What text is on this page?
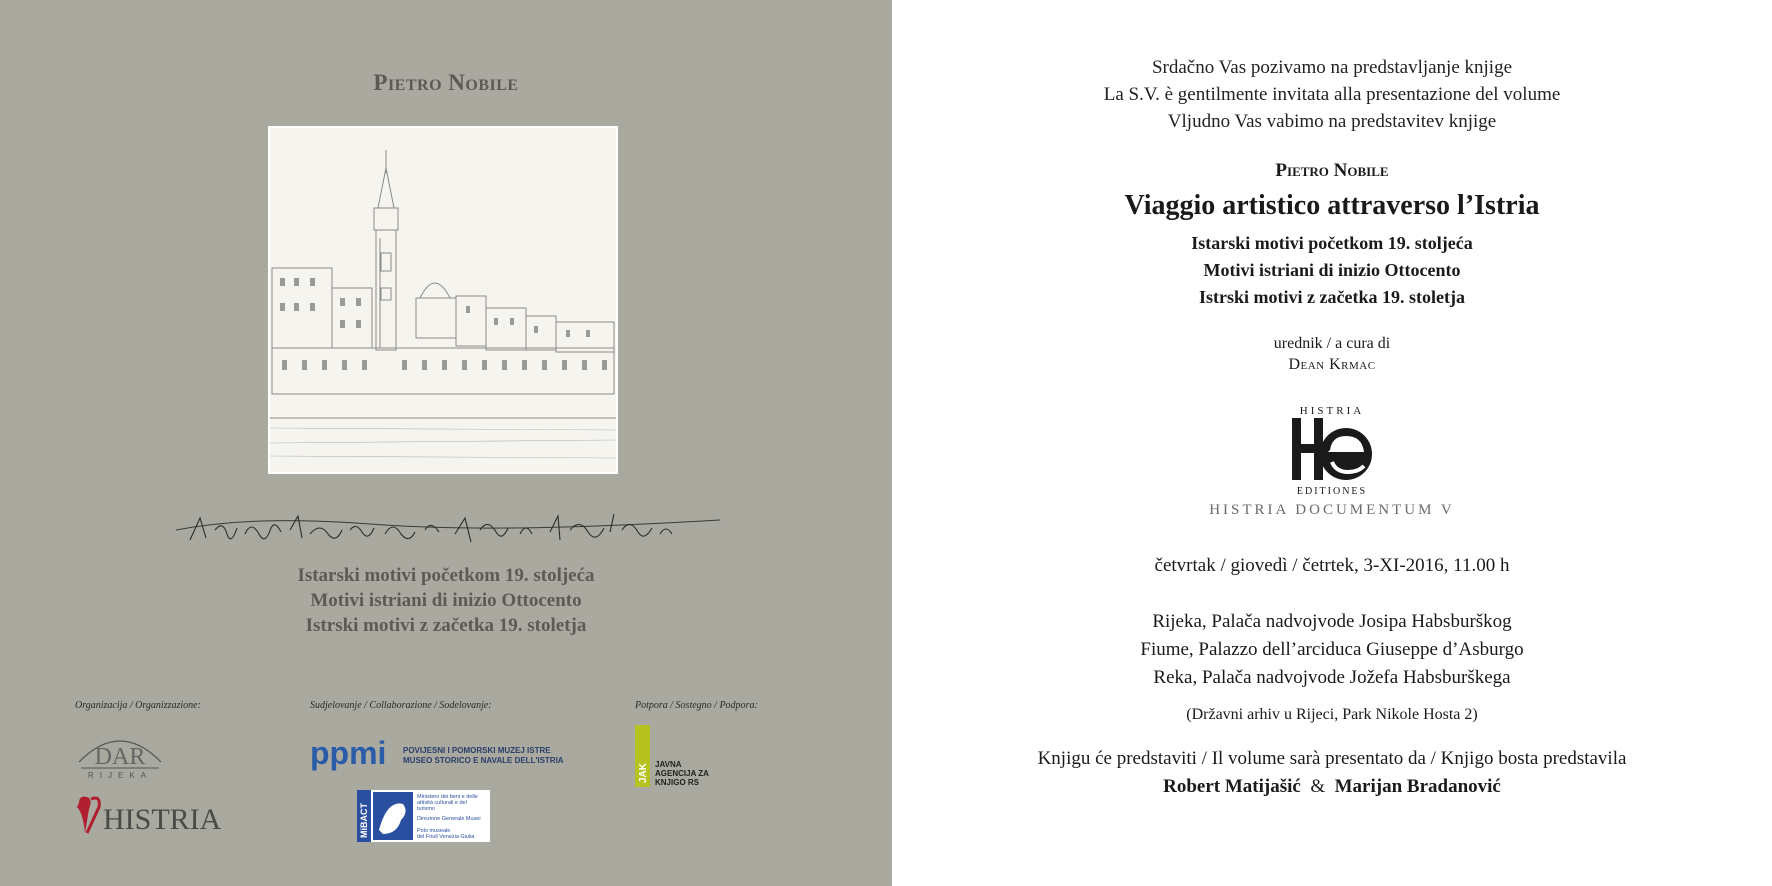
Pietro Nobile
Istarski motivi početkom 19. stoljeća
Motivi istriani di inizio Ottocento
Istrski motivi z začetka 19. stoletja
Organizacija / Organizzazione:	Sudjelovanje / Collaborazione / Sodelovanje:	Potpora / Sostegno / Podpora:
DAR
RIJEKA
HISTRIA
ppmi POVIJESNI I POMORSKI MUZEJ ISTRE
MUSEO STORICO E NAVALE DELL'ISTRIA
MiBACT
Ministero dei beni e delle
attività culturali e del
turismo
Direzione Generale Musei
Polo museale
del Friuli Venezia Giulia
JAK JAVNA
AGENCIJA ZA
KNJIGO RS
Srdačno Vas pozivamo na predstavljanje knjige
La S.V. è gentilmente invitata alla presentazione del volume
Vljudno Vas vabimo na predstavitev knjige
Pietro Nobile
Viaggio artistico attraverso l’Istria
Istarski motivi početkom 19. stoljeća
Motivi istriani di inizio Ottocento
Istrski motivi z začetka 19. stoletja
urednik / a cura di
Dean Krmac
HISTRIA
EDITIONES
HISTRIA DOCUMENTUM V
četvrtak / giovedì / četrtek, 3-XI-2016, 11.00 h
Rijeka, Palača nadvojvode Josipa Habsburškog
Fiume, Palazzo dell’arciduca Giuseppe d’Asburgo
Reka, Palača nadvojvode Jožefa Habsburškega
(Državni arhiv u Rijeci, Park Nikole Hosta 2)
Knjigu će predstaviti / Il volume sarà presentato da / Knjigo bosta predstavila
Robert Matijašić & Marijan Bradanović
